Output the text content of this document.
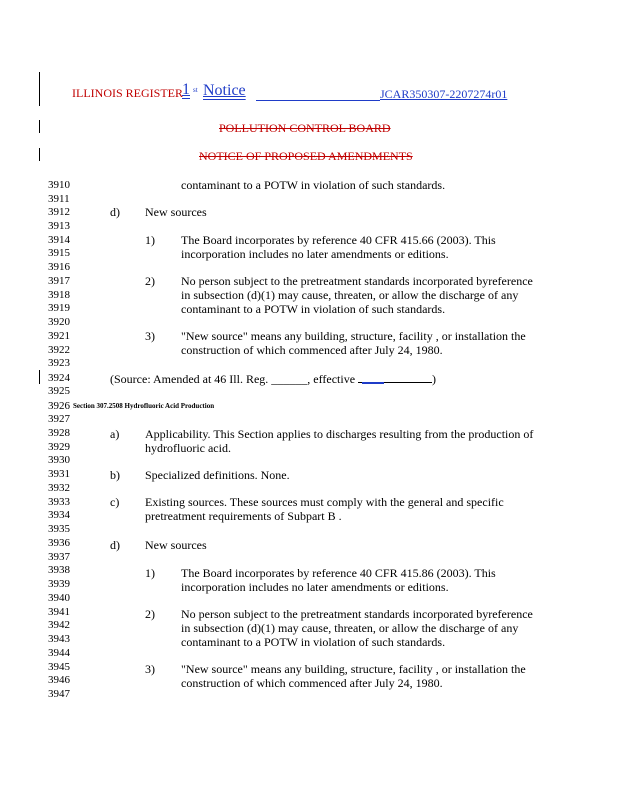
ILLINOIS REGISTER 1 st Notice	JCAR350307-2207274r01
POLLUTION CONTROL BOARD
NOTICE OF PROPOSED AMENDMENTS
3910
3911
3912
3913
3914
3915
3916
3917
3918
3919
3920
3921
3922
3923
3924
3925
3926
3927
3928
3929
3930
3931
3932
3933
3934
3935
3936
3937
3938
3939
3940
3941
3942
3943
3944
3945
3946
3947
contaminant to a POTW in violation of such standards.
d) New sources
1) The Board incorporates by reference 40 CFR 415.66 (2003). This
incorporation includes no later amendments or editions.
2) No person subject to the pretreatment standards incorporated byreference
in subsection (d)(1) may cause, threaten, or allow the discharge of any
contaminant to a POTW in violation of such standards.
3) "New source" means any building, structure, facility , or installation the
construction of which commenced after July 24, 1980.
(Source: Amended at 46 Ill. Reg. ______, effective	)
Section 307.2508 Hydrofluoric Acid Production
a) Applicability. This Section applies to discharges resulting from the production of
hydrofluoric acid.
b) Specialized definitions. None.
c) Existing sources. These sources must comply with the general and specific
pretreatment requirements of Subpart B .
d) New sources
1) The Board incorporates by reference 40 CFR 415.86 (2003). This
incorporation includes no later amendments or editions.
2) No person subject to the pretreatment standards incorporated byreference
in subsection (d)(1) may cause, threaten, or allow the discharge of any
contaminant to a POTW in violation of such standards.
3) "New source" means any building, structure, facility , or installation the
construction of which commenced after July 24, 1980.
